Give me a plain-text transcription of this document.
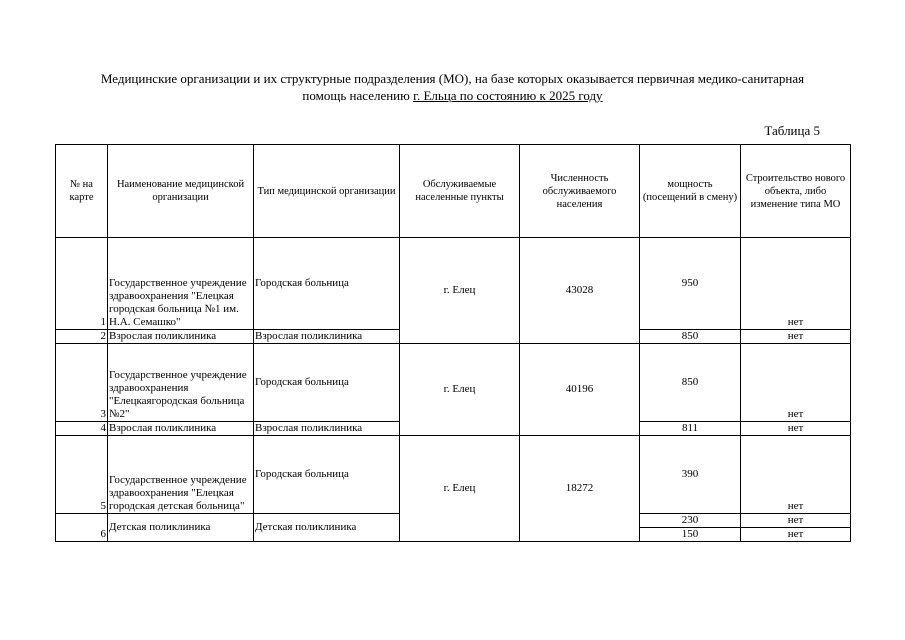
Медицинские организации и их структурные подразделения (МО), на базе которых оказывается первичная медико-санитарная
помощь населению г. Ельца по состоянию к 2025 году
Таблица 5
№ на карте	Наименование медицинской организации	Тип медицинской организации	Обслуживаемые населенные пункты	Численность обслуживаемого населения	мощность (посещений в смену)	Строительство нового объекта, либо изменение типа МО
1	Государственное учреждение здравоохранения "Елецкая городская больница №1 им. Н.А. Семашко"	Городская больница	г. Елец	43028	950	нет
2	Взрослая поликлиника	Взрослая поликлиника			850	нет
3	Государственное учреждение здравоохранения "Елецкаягородская больница №2"	Городская больница	г. Елец	40196	850	нет
4	Взрослая поликлиника	Взрослая поликлиника			811	нет
5	Государственное учреждение здравоохранения "Елецкая городская детская больница"	Городская больница	г. Елец	18272	390	нет
6	Детская поликлиника	Детская поликлиника			230	нет
					150	нет
